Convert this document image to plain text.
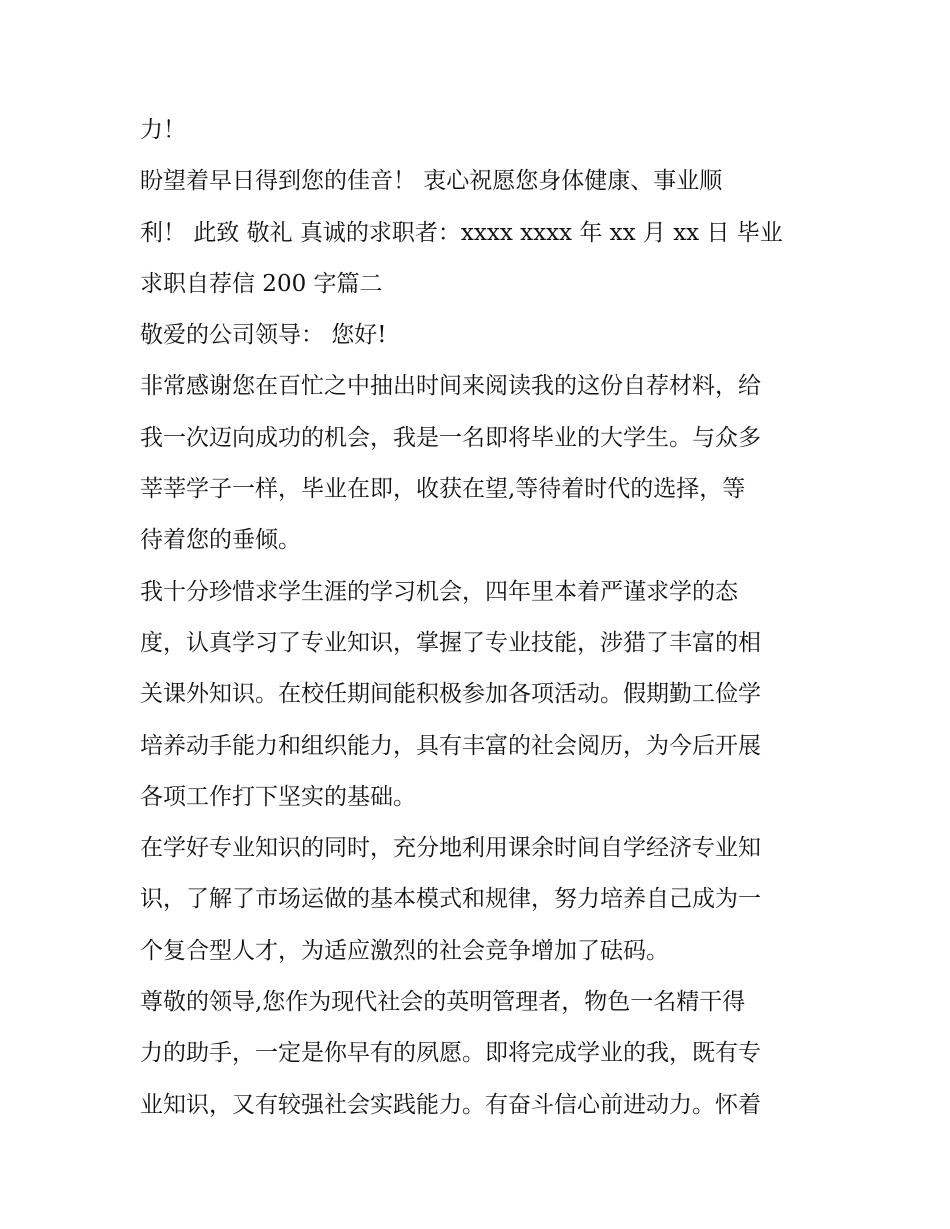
力！
盼望着早日得到您的佳音！ 衷心祝愿您身体健康、事业顺
利！ 此致 敬礼 真诚的求职者：xxxx xxxx 年 xx 月 xx 日 毕业
求职自荐信 200 字篇二
敬爱的公司领导： 您好!
非常感谢您在百忙之中抽出时间来阅读我的这份自荐材料，给
我一次迈向成功的机会，我是一名即将毕业的大学生。与众多
莘莘学子一样，毕业在即，收获在望,等待着时代的选择，等
待着您的垂倾。
我十分珍惜求学生涯的学习机会，四年里本着严谨求学的态
度，认真学习了专业知识，掌握了专业技能，涉猎了丰富的相
关课外知识。在校任期间能积极参加各项活动。假期勤工俭学
培养动手能力和组织能力，具有丰富的社会阅历，为今后开展
各项工作打下坚实的基础。
在学好专业知识的同时，充分地利用课余时间自学经济专业知
识，了解了市场运做的基本模式和规律，努力培养自己成为一
个复合型人才，为适应激烈的社会竞争增加了砝码。
尊敬的领导,您作为现代社会的英明管理者，物色一名精干得
力的助手，一定是你早有的夙愿。即将完成学业的我，既有专
业知识，又有较强社会实践能力。有奋斗信心前进动力。怀着
